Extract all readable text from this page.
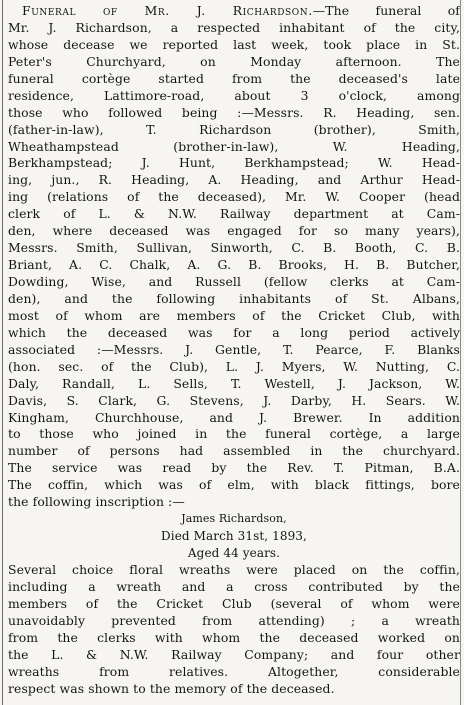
Funeral of Mr. J. Richardson.—The funeral of
Mr. J. Richardson, a respected inhabitant of the city,
whose decease we reported last week, took place in St.
Peter's Churchyard, on Monday afternoon. The
funeral cortège started from the deceased's late
residence, Lattimore-road, about 3 o'clock, among
those who followed being :—Messrs. R. Heading, sen.
(father-in-law), T. Richardson (brother), Smith,
Wheathampstead (brother-in-law), W. Heading,
Berkhampstead; J. Hunt, Berkhampstead; W. Head-
ing, jun., R. Heading, A. Heading, and Arthur Head-
ing (relations of the deceased), Mr. W. Cooper (head
clerk of L. & N.W. Railway department at Cam-
den, where deceased was engaged for so many years),
Messrs. Smith, Sullivan, Sinworth, C. B. Booth, C. B.
Briant, A. C. Chalk, A. G. B. Brooks, H. B. Butcher,
Dowding, Wise, and Russell (fellow clerks at Cam-
den), and the following inhabitants of St. Albans,
most of whom are members of the Cricket Club, with
which the deceased was for a long period actively
associated :—Messrs. J. Gentle, T. Pearce, F. Blanks
(hon. sec. of the Club), L. J. Myers, W. Nutting, C.
Daly, Randall, L. Sells, T. Westell, J. Jackson, W.
Davis, S. Clark, G. Stevens, J. Darby, H. Sears. W.
Kingham, Churchhouse, and J. Brewer. In addition
to those who joined in the funeral cortège, a large
number of persons had assembled in the churchyard.
The service was read by the Rev. T. Pitman, B.A.
The coffin, which was of elm, with black fittings, bore
the following inscription :—
James Richardson,
Died March 31st, 1893,
Aged 44 years.
Several choice floral wreaths were placed on the coffin,
including a wreath and a cross contributed by the
members of the Cricket Club (several of whom were
unavoidably prevented from attending) ; a wreath
from the clerks with whom the deceased worked on
the L. & N.W. Railway Company; and four other
wreaths from relatives. Altogether, considerable
respect was shown to the memory of the deceased.
